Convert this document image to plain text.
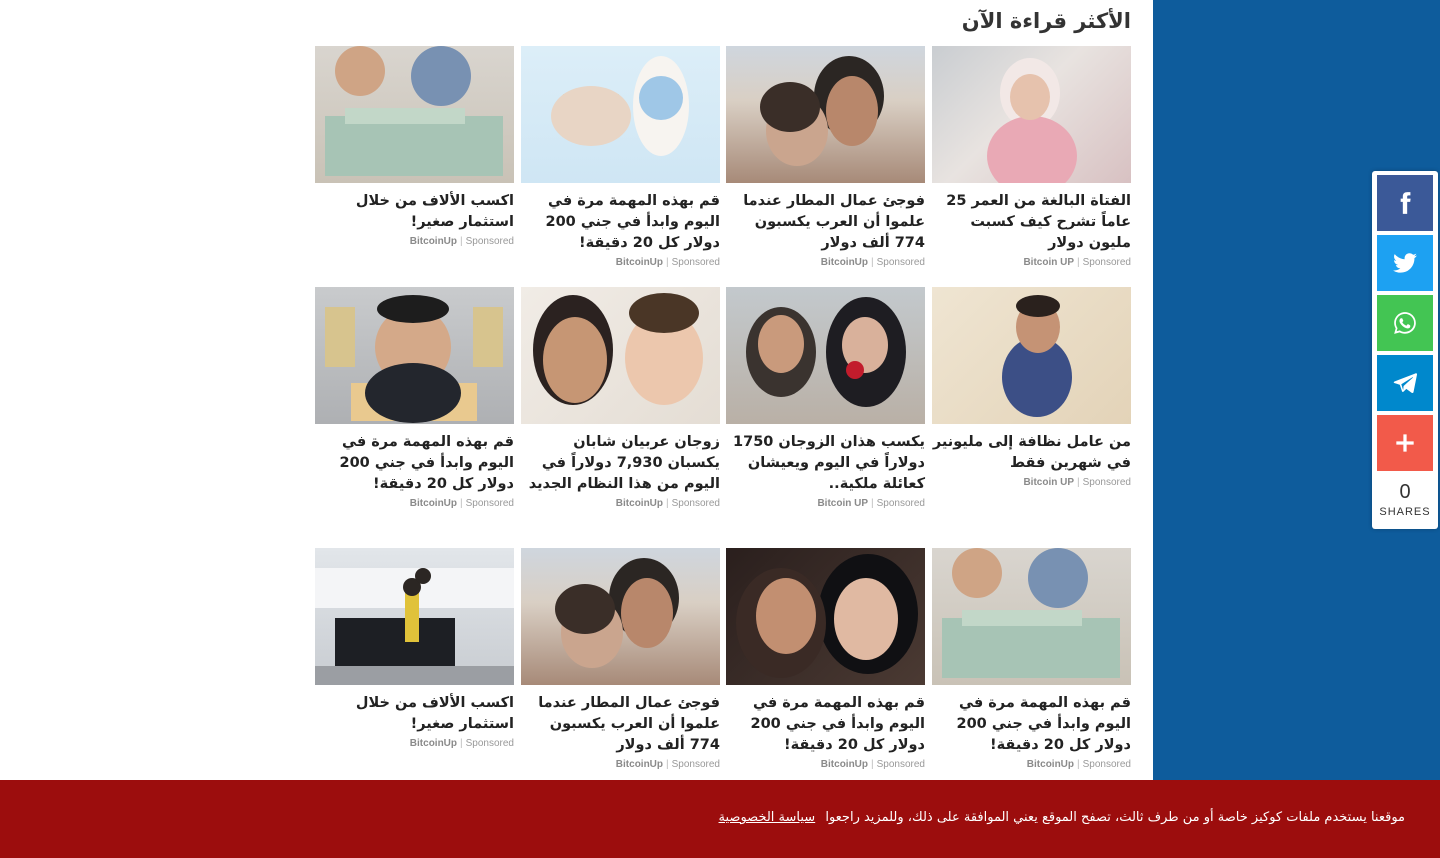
الأكثر قراءة الآن
الفتاة البالغة من العمر 25 عاماً تشرح كيف كسبت مليون دولار
Bitcoin UP | Sponsored
فوجئ عمال المطار عندما علموا أن العرب يكسبون 774 ألف دولار
BitcoinUp | Sponsored
قم بهذه المهمة مرة في اليوم وابدأ في جني 200 دولار كل 20 دقيقة!
BitcoinUp | Sponsored
اكسب الألاف من خلال استثمار صغير!
BitcoinUp | Sponsored
من عامل نظافة إلى مليونير في شهرين فقط
Bitcoin UP | Sponsored
يكسب هذان الزوجان 1750 دولاراً في اليوم ويعيشان كعائلة ملكية..
Bitcoin UP | Sponsored
زوجان عربيان شابان يكسبان 7,930 دولاراً في اليوم من هذا النظام الجديد
BitcoinUp | Sponsored
قم بهذه المهمة مرة في اليوم وابدأ في جني 200 دولار كل 20 دقيقة!
BitcoinUp | Sponsored
قم بهذه المهمة مرة في اليوم وابدأ في جني 200 دولار كل 20 دقيقة!
BitcoinUp | Sponsored
قم بهذه المهمة مرة في اليوم وابدأ في جني 200 دولار كل 20 دقيقة!
BitcoinUp | Sponsored
فوجئ عمال المطار عندما علموا أن العرب يكسبون 774 ألف دولار
BitcoinUp | Sponsored
اكسب الألاف من خلال استثمار صغير!
BitcoinUp | Sponsored
0
SHARES
موقعنا يستخدم ملفات كوكيز خاصة أو من طرف ثالث، تصفح الموقع يعني الموافقة على ذلك، وللمزيد راجعوا سياسة الخصوصية
